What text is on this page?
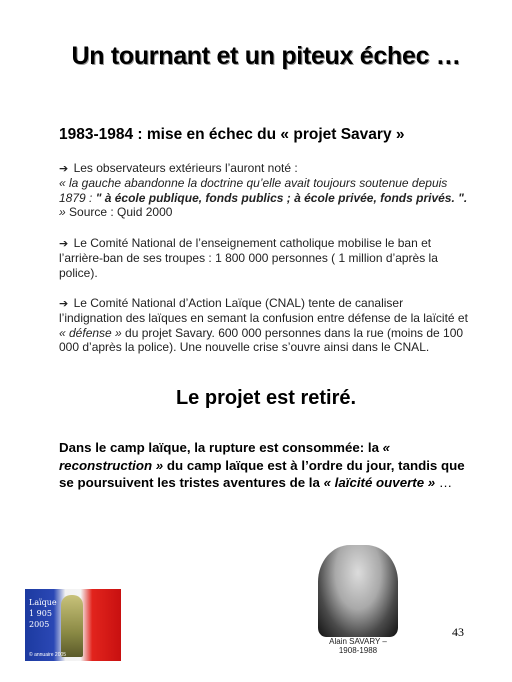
Un tournant et un piteux échec …
1983-1984 : mise en échec du « projet Savary »
➔ Les observateurs extérieurs l’auront noté :
« la gauche abandonne la doctrine qu’elle avait toujours soutenue depuis 1879 : " à école publique, fonds publics ; à école privée, fonds privés. ". » Source : Quid 2000
➔ Le Comité National de l’enseignement catholique mobilise le ban et l’arrière-ban de ses troupes : 1 800 000 personnes ( 1 million d’après la police).
➔ Le Comité National d’Action Laïque (CNAL) tente de canaliser l’indignation des laïques en semant la confusion entre défense de la laïcité et « défense » du projet Savary. 600 000 personnes dans la rue (moins de 100 000 d’après la police). Une nouvelle crise s’ouvre ainsi dans le CNAL.
Le projet est retiré.
Dans le camp laïque, la rupture est consommée: la « reconstruction » du camp laïque est à l’ordre du jour, tandis que se poursuivent les tristes aventures de la « laïcité ouverte » …
Laïque
1 905
2005
© annuaire 2005
Alain SAVARY – 1908-1988
43
